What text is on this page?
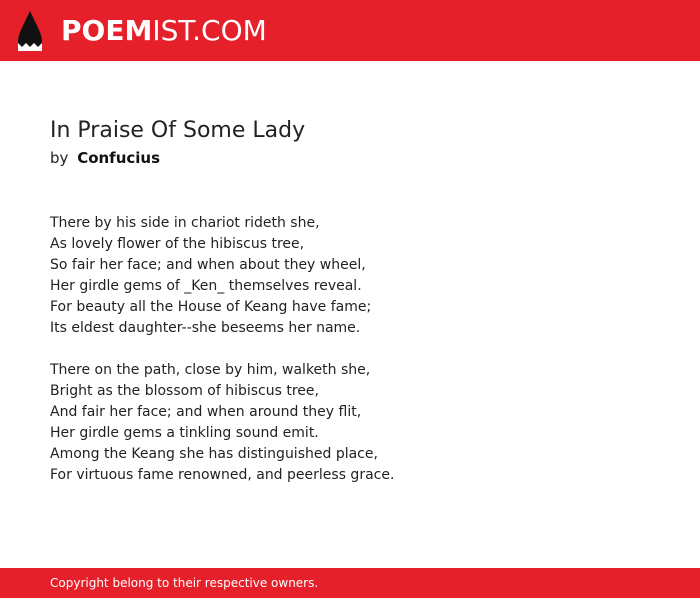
POEMIST.COM
In Praise Of Some Lady
by Confucius
There by his side in chariot rideth she,
As lovely flower of the hibiscus tree,
So fair her face; and when about they wheel,
Her girdle gems of _Ken_ themselves reveal.
For beauty all the House of Keang have fame;
Its eldest daughter--she beseems her name.
There on the path, close by him, walketh she,
Bright as the blossom of hibiscus tree,
And fair her face; and when around they flit,
Her girdle gems a tinkling sound emit.
Among the Keang she has distinguished place,
For virtuous fame renowned, and peerless grace.
Copyright belong to their respective owners.
